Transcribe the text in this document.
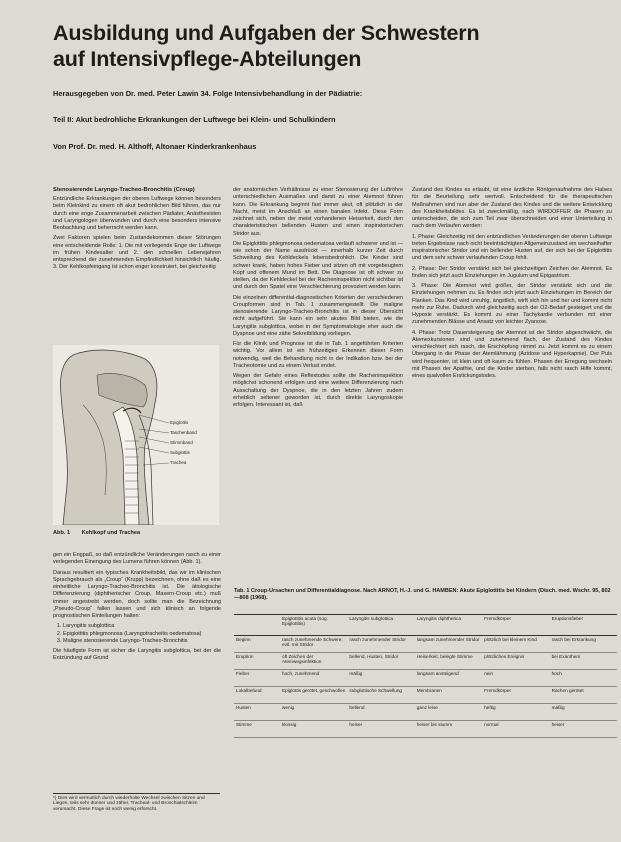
Ausbildung und Aufgaben der Schwestern
auf Intensivpflege-Abteilungen
Herausgegeben von Dr. med. Peter Lawin 34. Folge Intensivbehandlung in der Pädiatrie:
Teil II: Akut bedrohliche Erkrankungen der Luftwege bei Klein- und Schulkindern
Von Prof. Dr. med. H. Althoff, Altonaer Kinderkrankenhaus
Stenosierende Laryngo-Tracheo-Bronchitis (Croup)

Entzündliche Erkrankungen der oberen Luftwege können besonders beim Kleinkind zu einem oft akut bedrohlichen Bild führen, das nur durch eine enge Zusammenarbeit zwischen Pädiater, Anästhesisten und Laryngologen überwunden und durch eine besonders intensive Beobachtung und beherrscht werden kann.

Zwei Faktoren spielen beim Zustandekommen dieser Störungen eine entscheidende Rolle: 1. Die mit vorliegende Enge der Luftwege im frühen Kindesalter und 2. den schnellen Lebensjahren entsprechend der zunehmenden Empfindlichkeit hinsichtlich häufig. 3. Der Kehlkopfeingang ist schon enger konstruiert, bei gleichzeitig

Epiglottis
Taschenband
Stimmband
Subglottis
Trachea
Abb. 1 Kehlkopf und Trachea

gen ein Engpaß, so daß entzündliche Veränderungen rasch zu einer verlegenden Einengung des Lumens führen können (Abb. 1).

Daraus resultiert ein typisches Krankheitsbild, das wir im klinischen Sprachgebrauch als „Croup“ (Krupp) bezeichnen, ohne daß es eine einheitliche Laryngo-Tracheo-Bronchitis ist. Die ätiologische Differenzierung (diphtherischer Croup, Masern-Croup etc.) muß immer angestrebt werden, doch sollte man die Bezeichnung „Pseudo-Croup“ fallen lassen und sich klinisch an folgende prognostischen Einteilungen halten:

1. Laryngitis subglottica
2. Epiglottitis phlegmonosa (Laryngotracheitis oedematosa)
3. Maligne stenosierende Laryngo-Tracheo-Bronchitis

Die häufigste Form ist sicher die Laryngitis subglottica, bei der die Entzündung auf Grund

*) Dies wird vermutlich durch wiederholte Wechsel zwischen Sitzen und Liegen, teils sehr dünner und zäher, Tracheal- und Bronchialschleim verursacht. Diese Frage ist noch wenig erforscht.

der anatomischen Verhältnisse zu einer Stenosierung der Luftröhre unterschiedlichen Ausmaßes und damit zu einer Atemnot führen kann. Die Erkrankung beginnt fast immer akut, oft plötzlich in der Nacht, meist im Anschluß an einen banalen Infekt. Diese Form zeichnet sich, neben der meist vorhandenen Heiserkeit, durch den charakteristischen bellenden Husten und einen inspiratorischen Stridor aus.

Die Epiglottitis phlegmonosa oedematosa verläuft schwerer und ist — wie schon der Name ausdrückt — innerhalb kurzer Zeit durch Schwellung des Kehldeckels lebensbedrohlich. Die Kinder sind schwer krank, haben hohes Fieber und sitzen oft mit vorgebeugtem Kopf und offenem Mund im Bett. Die Diagnose ist oft schwer zu stellen, da der Kehldeckel bei der Racheninspektion nicht sichtbar ist und durch den Spatel eine Verschlechterung provoziert werden kann.

Die einzelnen differential-diagnostischen Kriterien der verschiedenen Croupformen sind in Tab. 1 zusammengestellt. Die maligne stenosierende Laryngo-Tracheo-Bronchitis ist in dieser Übersicht nicht aufgeführt. Sie kann ein sehr akutes Bild bieten, wie die Laryngitis subglottica, wobei in der Symptomatologie eher auch die Dyspnoe und eine zähe Sekretbildung vorliegen.

Für die Klinik und Prognose ist die in Tab. 1 angeführten Kriterien wichtig. Vor allem ist ein frühzeitiges Erkennen dieser Form notwendig, weil die Behandlung nicht in der Indikation bzw. bei der Tracheotomie und zu einem Verlust endet.

Wegen der Gefahr eines Reflextodes sollte die Racheninspektion möglichst schonend erfolgen und eine weitere Differenzierung nach Ausschaltung der Dyspnoe, die in den letzten Jahren zudem erheblich seltener geworden ist, durch direkte Laryngoskopie erfolgen. Interessant ist, daß

Zustand des Kindes es erlaubt, ist eine ärztliche Röntgenaufnahme des Halses für die Beurteilung sehr wertvoll. Entscheidend für die therapeutischen Maßnahmen sind nun aber der Zustand des Kindes und die weitere Entwicklung des Krankheitsbildes. Es ist zweckmäßig, nach WIRDOFFER die Phasen zu unterscheiden, die sich zum Teil zwar überschneiden und einer Unterteilung in nach dem Verlaufen werden:

1. Phase: Gleichzeitig mit den entzündlichen Veränderungen der oberen Luftwege treten Ergebnisse nach nicht beeinträchtigten Allgemeinzustand ein wechselhafter inspiratorischer Stridor und ein bellender Husten auf, der sich bei der Epiglottitis und dem sehr schwer verlaufenden Croup fehlt.

2. Phase: Der Stridor verstärkt sich bei gleichzeitigen Zeichen der Atemnot. Es finden sich jetzt auch Einziehungen im Jugulum und Epigastrium.

3. Phase: Die Atemnot wird größer, der Stridor verstärkt sich und die Einziehungen nehmen zu. Es finden sich jetzt auch Einziehungen im Bereich der Flanken. Das Kind wird unruhig, ängstlich, wirft sich hin und her und kommt nicht mehr zur Ruhe. Dadurch wird gleichzeitig auch der O2-Bedarf gesteigert und die Hypoxie verstärkt. Es kommt zu einer Tachykardie verbunden mit einer zunehmenden Blässe und Ansatz von leichter Zyanose.

4. Phase: Trotz Dauersteigerung der Atemnot ist der Stridor abgeschwächt, die Atemexkursionen sind und zunehmend flach, der Zustand des Kindes verschlechtert sich rasch, die Erschöpfung nimmt zu. Jetzt kommt es zu einem Übergang in die Phase der Atemlähmung (Azidose und Hyperkapnie). Der Puls wird frequenter, ist klein und oft kaum zu fühlen. Phasen der Erregung wechseln mit Phasen der Apathie, und die Kinder sterben, falls nicht rasch Hilfe kommt, eines qualvollen Erstickungstodes.

Tab. 1 Croup-Ursachen und Differentialdiagnose. Nach ARNOT, H.-J. und G. HAMBEN: Akute Epiglottitis bei Kindern (Dtsch. med. Wschr. 95, 802—808 (1968).
	Epiglottitis acuta (sog. Epiglottitis)	Laryngitis subglottica	Laryngitis diphtherica	Fremdkörper	Eruptionsfieber
Beginn	rasch zunehmende Schwere, evtl. mit Stridor	rasch zunehmender Stridor	langsam zunehmender Stridor	plötzlich bei kleinem Kind	rasch bei Erkrankung
Eruption	oft Zeichen der Atemwegsinfektion	bellend, Husten, Stridor	Heiserkeit, belegte Stimme	plötzliches Ereignis	bei Exanthem
Fieber	hoch, zunehmend	mäßig	langsam ansteigend	nein	hoch
Lokalbefund	Epiglottis gerötet, geschwollen	subglottische Schwellung	Membranen	Fremdkörper	Rachen gerötet
Husten	wenig	bellend	ganz leise	heftig	mäßig
Stimme	klossig	heiser	heiser bis stumm	normal	heiser
